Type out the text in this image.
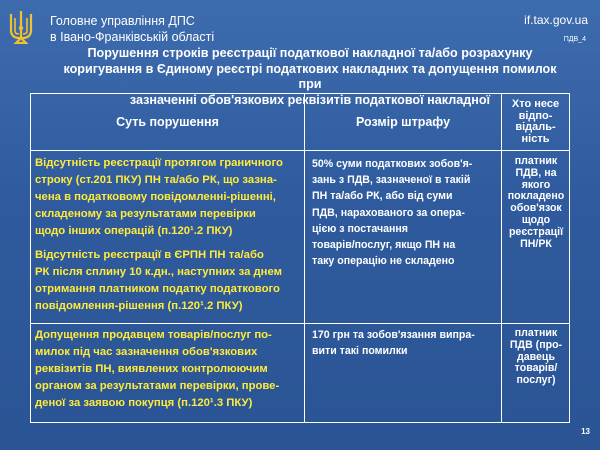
Головне управління ДПС
в Івано-Франківській області
if.tax.gov.ua
ПДВ_4
Порушення строків реєстрації податкової накладної та/або розрахунку
коригування в Єдиному реєстрі податкових накладних та допущення помилок при
зазначенні обов'язкових реквізитів податкової накладної
Суть порушення	Розмір штрафу
Хто несе
відпо-
відаль-
ність
Відсутність реєстрації протягом граничного
строку (ст.201 ПКУ) ПН та/або РК, що зазна-
чена в податковому повідомленні-рішенні,
складеному за результатами перевірки
щодо інших операцій (п.120¹.2 ПКУ)
Відсутність реєстрації в ЄРПН ПН та/або
РК після сплину 10 к.дн., наступних за днем
отримання платником податку податкового
повідомлення-рішення (п.120¹.2 ПКУ)
50% суми податкових зобов'я-
зань з ПДВ, зазначеної в такій
ПН та/або РК, або від суми
ПДВ, нарахованого за опера-
цією з постачання
товарів/послуг, якщо ПН на
таку операцію не складено
платник
ПДВ, на
якого
покладено
обов'язок
щодо
реєстрації
ПН/РК
Допущення продавцем товарів/послуг по-
милок під час зазначення обов'язкових
реквізитів ПН, виявлених контролюючим
органом за результатами перевірки, прове-
деної за заявою покупця (п.120¹.3 ПКУ)
170 грн та зобов'язання випра-
вити такі помилки
платник
ПДВ (про-
давець
товарів/
послуг)
13
